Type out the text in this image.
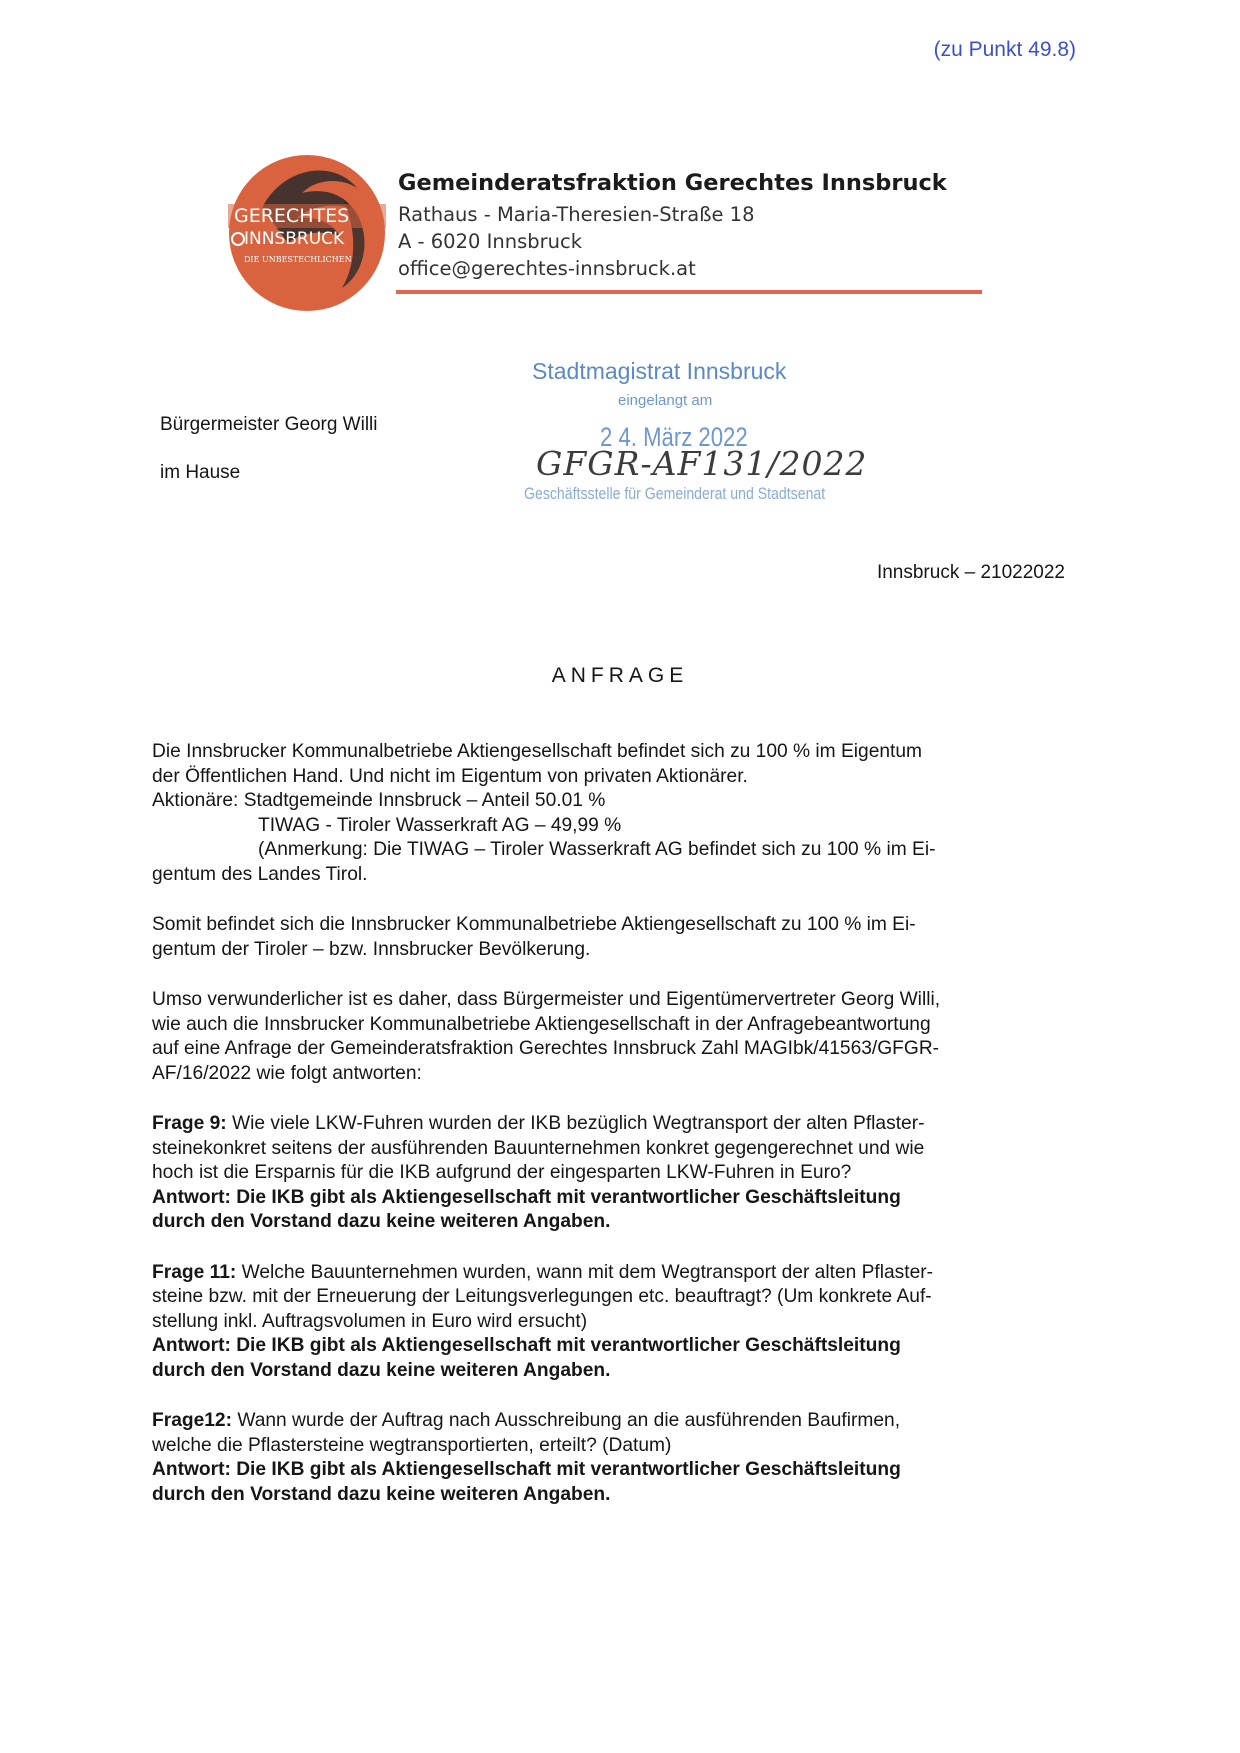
(zu Punkt 49.8)
GERECHTES
INNSBRUCK
DIE UNBESTECHLICHEN
Gemeinderatsfraktion Gerechtes Innsbruck
Rathaus - Maria-Theresien-Straße 18
A - 6020 Innsbruck
office@gerechtes-innsbruck.at
Bürgermeister Georg Willi
im Hause
Stadtmagistrat Innsbruck
eingelangt am
2 4. März 2022
GFGR-AF131/2022
Geschäftsstelle für Gemeinderat und Stadtsenat
Innsbruck – 21022022
ANFRAGE

Die Innsbrucker Kommunalbetriebe Aktiengesellschaft befindet sich zu 100 % im Eigentum

der Öffentlichen Hand. Und nicht im Eigentum von privaten Aktionärer.

Aktionäre: Stadtgemeinde Innsbruck – Anteil 50.01 %

TIWAG - Tiroler Wasserkraft AG – 49,99 %

(Anmerkung: Die TIWAG – Tiroler Wasserkraft AG befindet sich zu 100 % im Ei-

gentum des Landes Tirol.

Somit befindet sich die Innsbrucker Kommunalbetriebe Aktiengesellschaft zu 100 % im Ei-

gentum der Tiroler – bzw. Innsbrucker Bevölkerung.

Umso verwunderlicher ist es daher, dass Bürgermeister und Eigentümervertreter Georg Willi,

wie auch die Innsbrucker Kommunalbetriebe Aktiengesellschaft in der Anfragebeantwortung

auf eine Anfrage der Gemeinderatsfraktion Gerechtes Innsbruck Zahl MAGIbk/41563/GFGR-

AF/16/2022 wie folgt antworten:

Frage 9: Wie viele LKW-Fuhren wurden der IKB bezüglich Wegtransport der alten Pflaster-

steinekonkret seitens der ausführenden Bauunternehmen konkret gegengerechnet und wie

hoch ist die Ersparnis für die IKB aufgrund der eingesparten LKW-Fuhren in Euro?

Antwort: Die IKB gibt als Aktiengesellschaft mit verantwortlicher Geschäftsleitung

durch den Vorstand dazu keine weiteren Angaben.

Frage 11: Welche Bauunternehmen wurden, wann mit dem Wegtransport der alten Pflaster-

steine bzw. mit der Erneuerung der Leitungsverlegungen etc. beauftragt? (Um konkrete Auf-

stellung inkl. Auftragsvolumen in Euro wird ersucht)

Antwort: Die IKB gibt als Aktiengesellschaft mit verantwortlicher Geschäftsleitung

durch den Vorstand dazu keine weiteren Angaben.

Frage12: Wann wurde der Auftrag nach Ausschreibung an die ausführenden Baufirmen,

welche die Pflastersteine wegtransportierten, erteilt? (Datum)

Antwort: Die IKB gibt als Aktiengesellschaft mit verantwortlicher Geschäftsleitung

durch den Vorstand dazu keine weiteren Angaben.
